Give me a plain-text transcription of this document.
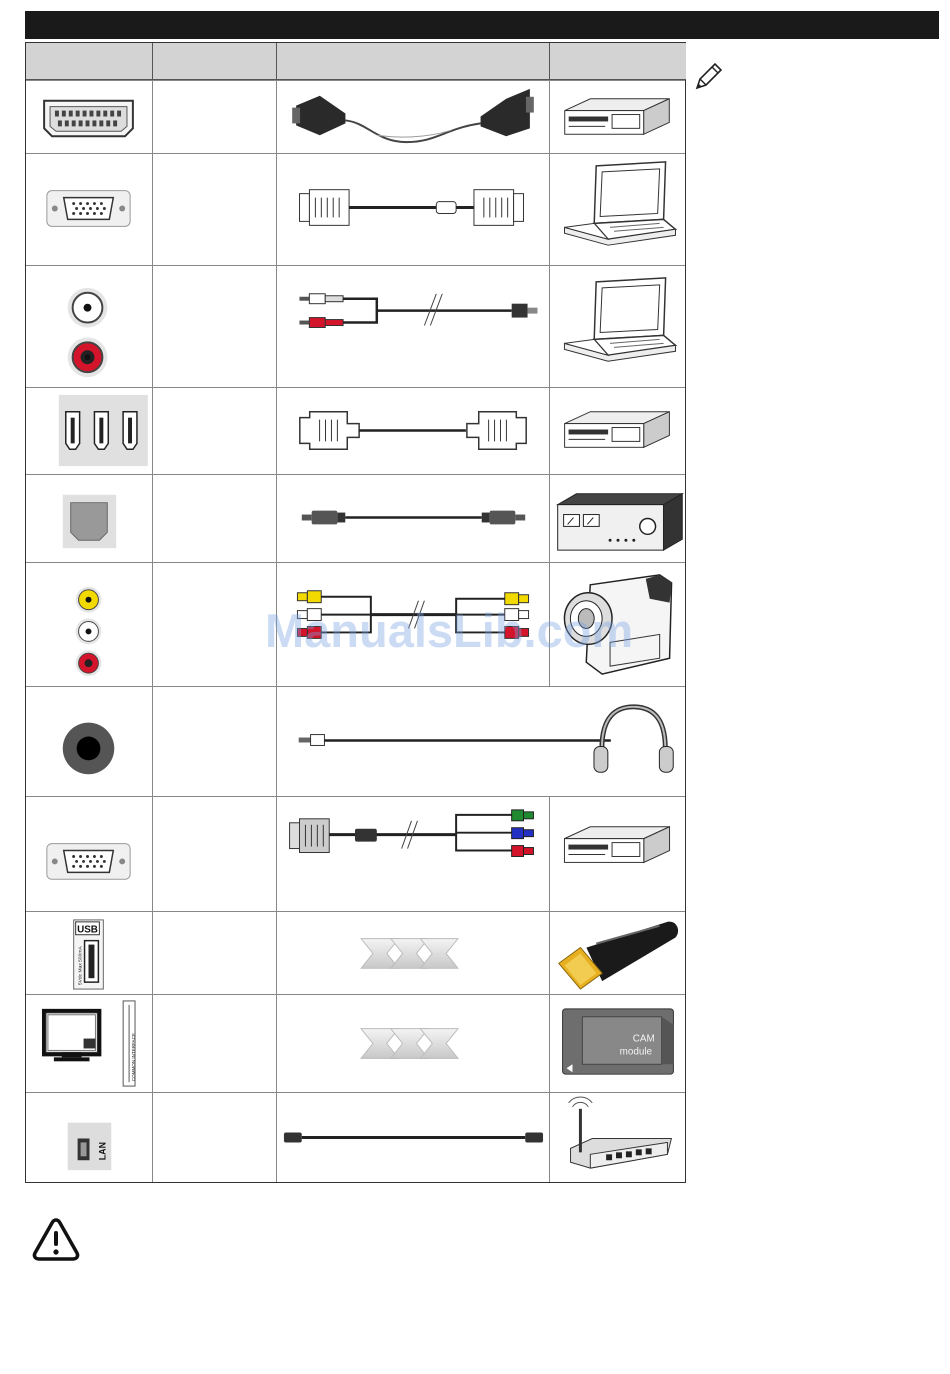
USB
5Vdc Max 500mA
COMMON INTERFACE	CAM
module
LAN
ManualsLib.com
